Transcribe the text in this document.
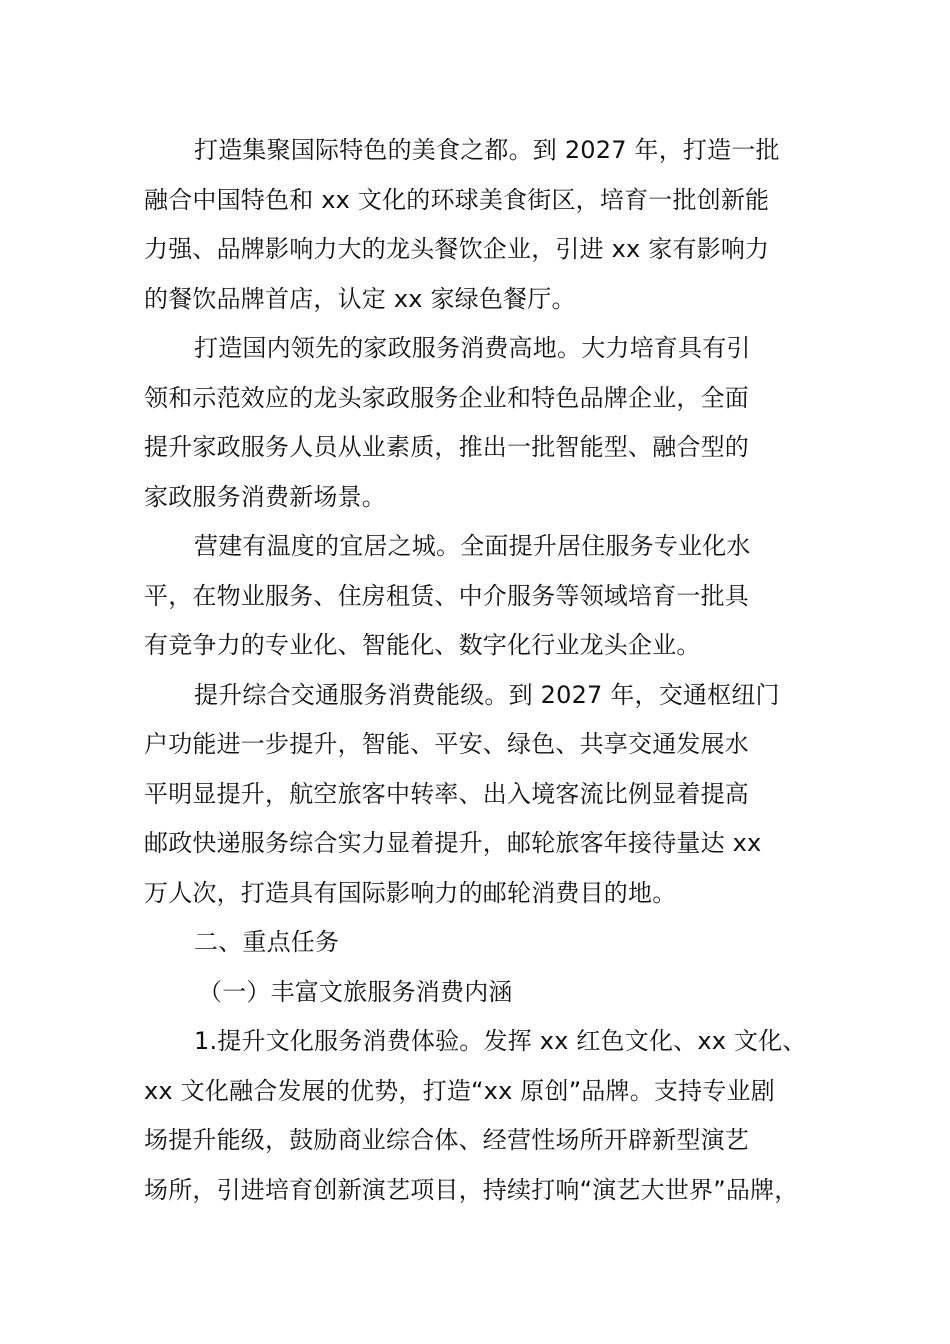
打造集聚国际特色的美食之都。到 2027 年，打造一批
融合中国特色和 xx 文化的环球美食街区，培育一批创新能
力强、品牌影响力大的龙头餐饮企业，引进 xx 家有影响力
的餐饮品牌首店，认定 xx 家绿色餐厅。
打造国内领先的家政服务消费高地。大力培育具有引
领和示范效应的龙头家政服务企业和特色品牌企业，全面
提升家政服务人员从业素质，推出一批智能型、融合型的
家政服务消费新场景。
营建有温度的宜居之城。全面提升居住服务专业化水
平，在物业服务、住房租赁、中介服务等领域培育一批具
有竞争力的专业化、智能化、数字化行业龙头企业。
提升综合交通服务消费能级。到 2027 年，交通枢纽门
户功能进一步提升，智能、平安、绿色、共享交通发展水
平明显提升，航空旅客中转率、出入境客流比例显着提高
邮政快递服务综合实力显着提升，邮轮旅客年接待量达 xx
万人次，打造具有国际影响力的邮轮消费目的地。
二、重点任务
（一）丰富文旅服务消费内涵
1.提升文化服务消费体验。发挥 xx 红色文化、xx 文化、
xx 文化融合发展的优势，打造“xx 原创”品牌。支持专业剧
场提升能级，鼓励商业综合体、经营性场所开辟新型演艺
场所，引进培育创新演艺项目，持续打响“演艺大世界”品牌，
